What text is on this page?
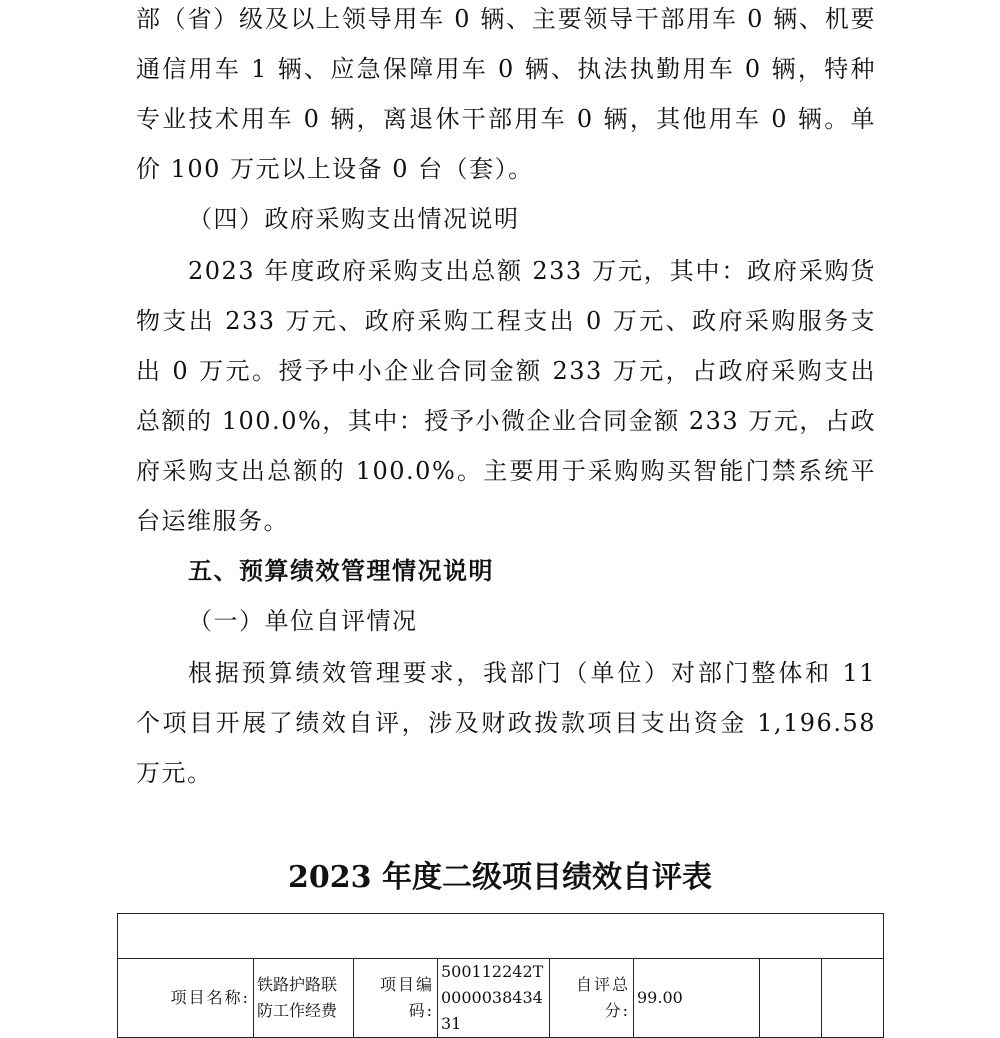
部（省）级及以上领导用车 0 辆、主要领导干部用车 0 辆、机要通信用车 1 辆、应急保障用车 0 辆、执法执勤用车 0 辆，特种专业技术用车 0 辆，离退休干部用车 0 辆，其他用车 0 辆。单价 100 万元以上设备 0 台（套）。

（四）政府采购支出情况说明

2023 年度政府采购支出总额 233 万元，其中：政府采购货物支出 233 万元、政府采购工程支出 0 万元、政府采购服务支出 0 万元。授予中小企业合同金额 233 万元，占政府采购支出总额的 100.0%，其中：授予小微企业合同金额 233 万元，占政府采购支出总额的 100.0%。主要用于采购购买智能门禁系统平台运维服务。

五、预算绩效管理情况说明

（一）单位自评情况

根据预算绩效管理要求，我部门（单位）对部门整体和 11 个项目开展了绩效自评，涉及财政拨款项目支出资金 1,196.58 万元。

2023 年度二级项目绩效自评表

项目名称:	铁路护路联防工作经费	项目编码:	500112242T000003843431	自评总分:	99.00		
